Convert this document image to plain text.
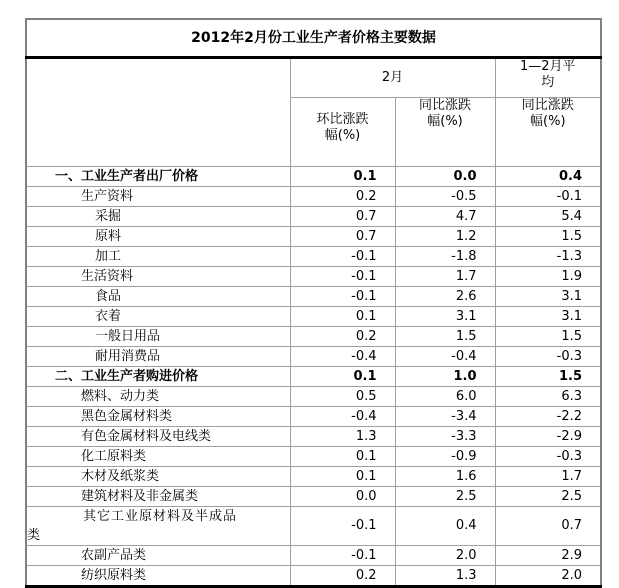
2012年2月份工业生产者价格主要数据			
	2月		1—2月平均
	环比涨跌幅(%)	同比涨跌幅(%)	同比涨跌幅(%)
一、工业生产者出厂价格	0.1	0.0	0.4
生产资料	0.2	-0.5	-0.1
采掘	0.7	4.7	5.4
原料	0.7	1.2	1.5
加工	-0.1	-1.8	-1.3
生活资料	-0.1	1.7	1.9
食品	-0.1	2.6	3.1
衣着	0.1	3.1	3.1
一般日用品	0.2	1.5	1.5
耐用消费品	-0.4	-0.4	-0.3
二、工业生产者购进价格	0.1	1.0	1.5
燃料、动力类	0.5	6.0	6.3
黑色金属材料类	-0.4	-3.4	-2.2
有色金属材料及电线类	1.3	-3.3	-2.9
化工原料类	0.1	-0.9	-0.3
木材及纸浆类	0.1	1.6	1.7
建筑材料及非金属类	0.0	2.5	2.5
其它工业原材料及半成品
类	-0.1	0.4	0.7
农副产品类	-0.1	2.0	2.9
纺织原料类	0.2	1.3	2.0
